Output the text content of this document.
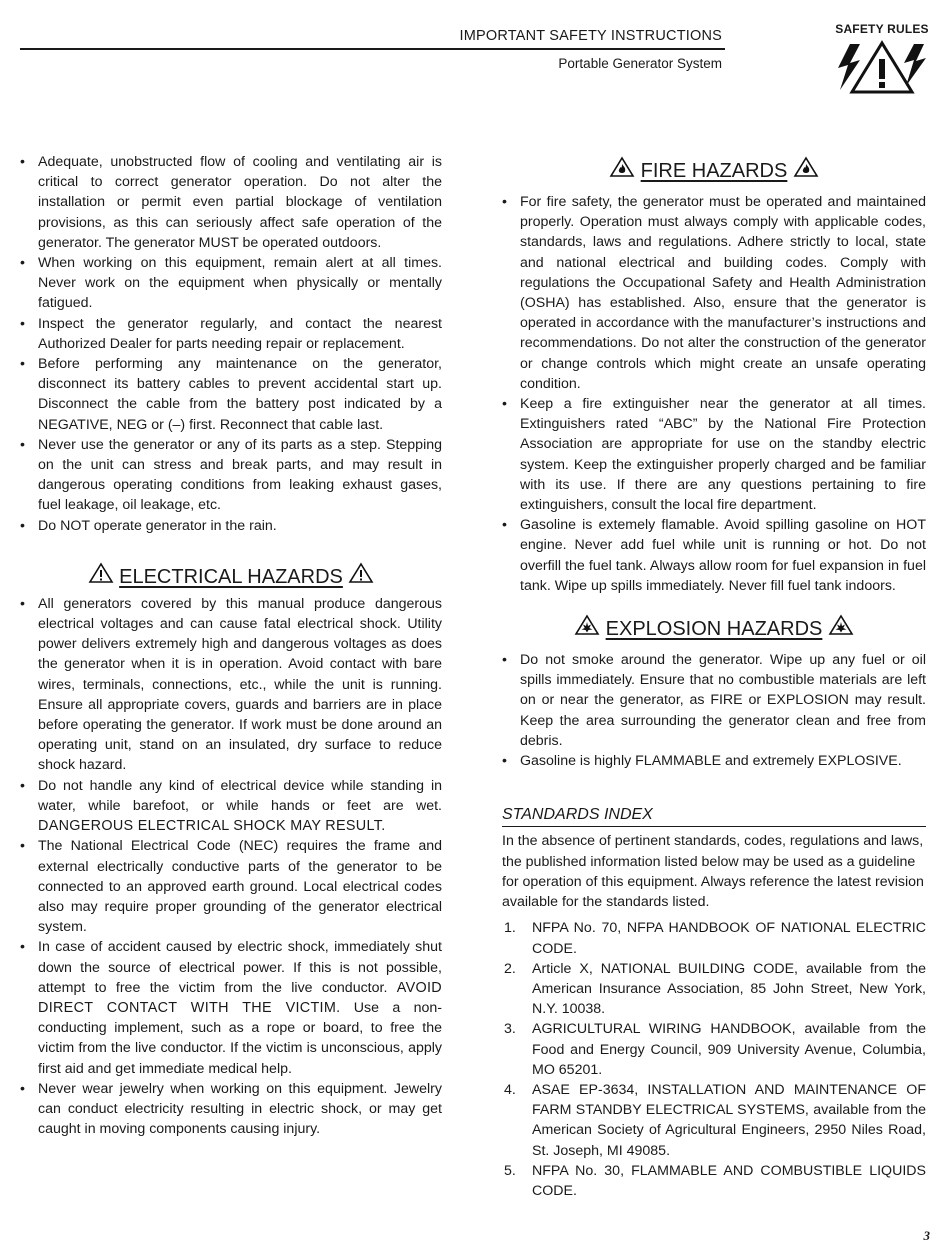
IMPORTANT SAFETY INSTRUCTIONS
Portable Generator System
SAFETY RULES
• Adequate, unobstructed flow of cooling and ventilating air is critical to correct generator operation. Do not alter the installation or permit even partial blockage of ventilation provisions, as this can seriously affect safe operation of the generator. The generator MUST be operated outdoors.
• When working on this equipment, remain alert at all times. Never work on the equipment when physically or mentally fatigued.
• Inspect the generator regularly, and contact the nearest Authorized Dealer for parts needing repair or replacement.
• Before performing any maintenance on the generator, disconnect its battery cables to prevent accidental start up. Disconnect the cable from the battery post indicated by a NEGATIVE, NEG or (–) first. Reconnect that cable last.
• Never use the generator or any of its parts as a step. Stepping on the unit can stress and break parts, and may result in dangerous operating conditions from leaking exhaust gases, fuel leakage, oil leakage, etc.
• Do NOT operate generator in the rain.
ELECTRICAL HAZARDS
• All generators covered by this manual produce dangerous electrical voltages and can cause fatal electrical shock. Utility power delivers extremely high and dangerous voltages as does the generator when it is in operation. Avoid contact with bare wires, terminals, connections, etc., while the unit is running. Ensure all appropriate covers, guards and barriers are in place before operating the generator. If work must be done around an operating unit, stand on an insulated, dry surface to reduce shock hazard.
• Do not handle any kind of electrical device while standing in water, while barefoot, or while hands or feet are wet. DANGEROUS ELECTRICAL SHOCK MAY RESULT.
• The National Electrical Code (NEC) requires the frame and external electrically conductive parts of the generator to be connected to an approved earth ground. Local electrical codes also may require proper grounding of the generator electrical system.
• In case of accident caused by electric shock, immediately shut down the source of electrical power. If this is not possible, attempt to free the victim from the live conductor. AVOID DIRECT CONTACT WITH THE VICTIM. Use a non-conducting implement, such as a rope or board, to free the victim from the live conductor. If the victim is unconscious, apply first aid and get immediate medical help.
• Never wear jewelry when working on this equipment. Jewelry can conduct electricity resulting in electric shock, or may get caught in moving components causing injury.
FIRE HAZARDS
• For fire safety, the generator must be operated and maintained properly. Operation must always comply with applicable codes, standards, laws and regulations. Adhere strictly to local, state and national electrical and building codes. Comply with regulations the Occupational Safety and Health Administration (OSHA) has established. Also, ensure that the generator is operated in accordance with the manufacturer’s instructions and recommendations. Do not alter the construction of the generator or change controls which might create an unsafe operating condition.
• Keep a fire extinguisher near the generator at all times. Extinguishers rated “ABC” by the National Fire Protection Association are appropriate for use on the standby electric system. Keep the extinguisher properly charged and be familiar with its use. If there are any questions pertaining to fire extinguishers, consult the local fire department.
• Gasoline is extemely flamable. Avoid spilling gasoline on HOT engine. Never add fuel while unit is running or hot. Do not overfill the fuel tank. Always allow room for fuel expansion in fuel tank. Wipe up spills immediately. Never fill fuel tank indoors.
EXPLOSION HAZARDS
• Do not smoke around the generator. Wipe up any fuel or oil spills immediately. Ensure that no combustible materials are left on or near the generator, as FIRE or EXPLOSION may result. Keep the area surrounding the generator clean and free from debris.
• Gasoline is highly FLAMMABLE and extremely EXPLOSIVE.
STANDARDS INDEX

In the absence of pertinent standards, codes, regulations and laws, the published information listed below may be used as a guideline for operation of this equipment. Always reference the latest revision available for the standards listed.

1.	NFPA No. 70, NFPA HANDBOOK OF NATIONAL ELECTRIC CODE.
2.	Article X, NATIONAL BUILDING CODE, available from the American Insurance Association, 85 John Street, New York, N.Y. 10038.
3.	AGRICULTURAL WIRING HANDBOOK, available from the Food and Energy Council, 909 University Avenue, Columbia, MO 65201.
4.	ASAE EP-3634, INSTALLATION AND MAINTENANCE OF FARM STANDBY ELECTRICAL SYSTEMS, available from the American Society of Agricultural Engineers, 2950 Niles Road, St. Joseph, MI 49085.
5.	NFPA No. 30, FLAMMABLE AND COMBUSTIBLE LIQUIDS CODE.
3
